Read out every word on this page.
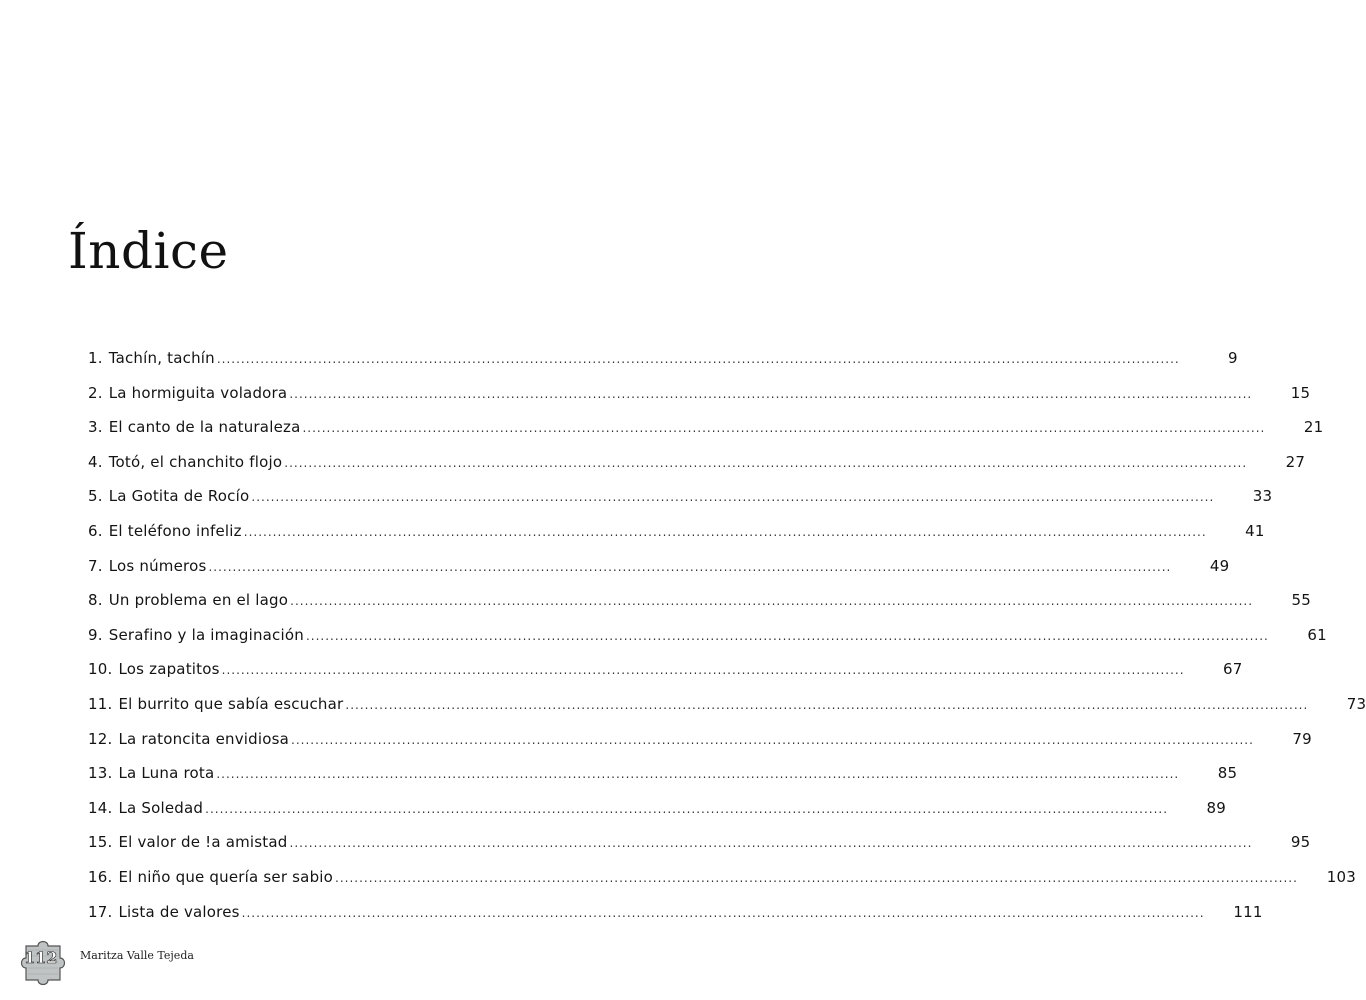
Índice
1. Tachín, tachín ........................................................................................................................................................................................................	9
2. La hormiguita voladora ........................................................................................................................................................................................................	15
3. El canto de la naturaleza ........................................................................................................................................................................................................	21
4. Totó, el chanchito flojo ........................................................................................................................................................................................................	27
5. La Gotita de Rocío ........................................................................................................................................................................................................	33
6. El teléfono infeliz ........................................................................................................................................................................................................	41
7. Los números ........................................................................................................................................................................................................	49
8. Un problema en el lago ........................................................................................................................................................................................................	55
9. Serafino y la imaginación ........................................................................................................................................................................................................	61
10. Los zapatitos ........................................................................................................................................................................................................	67
11. El burrito que sabía escuchar ........................................................................................................................................................................................................	73
12. La ratoncita envidiosa ........................................................................................................................................................................................................	79
13. La Luna rota ........................................................................................................................................................................................................	85
14. La Soledad ........................................................................................................................................................................................................	89
15. El valor de !a amistad ........................................................................................................................................................................................................	95
16. El niño que quería ser sabio ........................................................................................................................................................................................................	103
17. Lista de valores ........................................................................................................................................................................................................	111
112 Maritza Valle Tejeda
